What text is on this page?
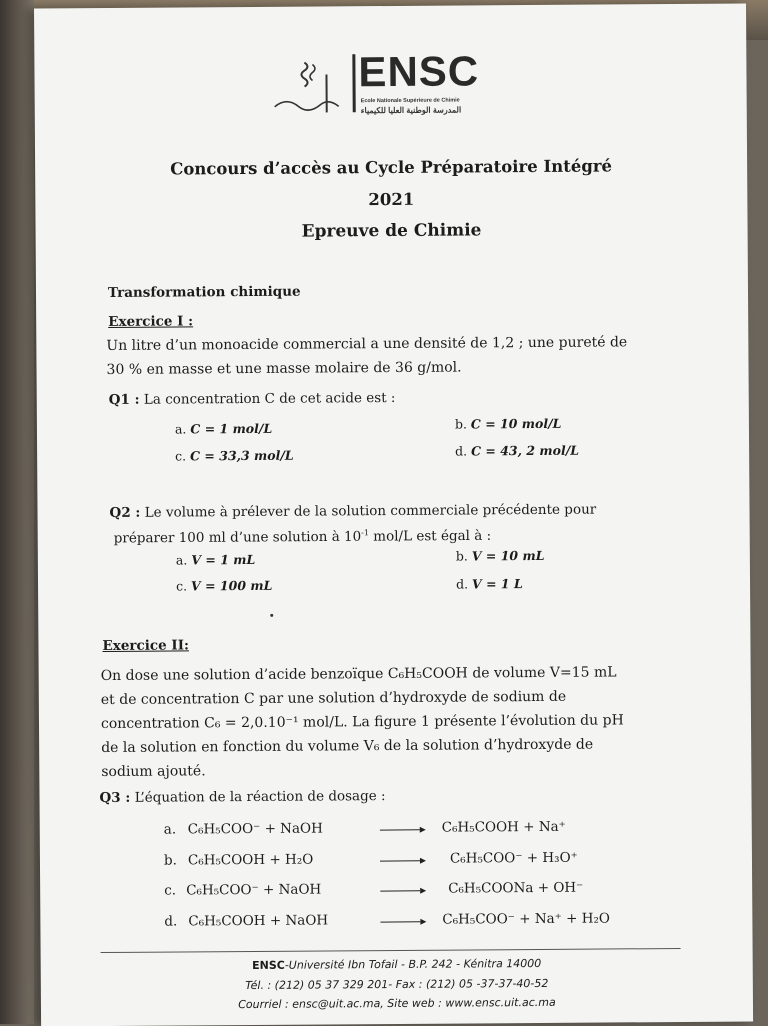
ENSC
Ecole Nationale Supérieure de Chimie
المدرسة الوطنية العليا للكيمياء
Concours d’accès au Cycle Préparatoire Intégré
2021
Epreuve de Chimie
Transformation chimique
Exercice I :
Un litre d’un monoacide commercial a une densité de 1,2 ; une pureté de
30 % en masse et une masse molaire de 36 g/mol.
Q1 : La concentration C de cet acide est :
a. C = 1 mol/L	b. C = 10 mol/L
c. C = 33,3 mol/L	d. C = 43, 2 mol/L
Q2 : Le volume à prélever de la solution commerciale précédente pour
préparer 100 ml d’une solution à $10^{-1}$ mol/L est égal à :
a. V = 1 mL	b. V = 10 mL
c. V = 100 mL	d. V = 1 L
Exercice II:
On dose une solution d’acide benzoïque C₆H₅COOH de volume V=15 mL
et de concentration C par une solution d’hydroxyde de sodium de
concentration C₆ = 2,0.10⁻¹ mol/L. La figure 1 présente l’évolution du pH
de la solution en fonction du volume V₆ de la solution d’hydroxyde de
sodium ajouté.
Q3 : L’équation de la réaction de dosage :
a. C₆H₅COO⁻ + NaOH	→ C₆H₅COOH + Na⁺
b. C₆H₅COOH + H₂O	C₆H₅COO⁻ + H₃O⁺
c. C₆H₅COO⁻ + NaOH	C₆H₅COONa + OH⁻
d. C₆H₅COOH + NaOH	→ C₆H₅COO⁻ + Na⁺ + H₂O
ENSC-Université Ibn Tofail - B.P. 242 - Kénitra 14000
Tél. : (212) 05 37 329 201- Fax : (212) 05 -37-37-40-52
Courriel : ensc@uit.ac.ma, Site web : www.ensc.uit.ac.ma
